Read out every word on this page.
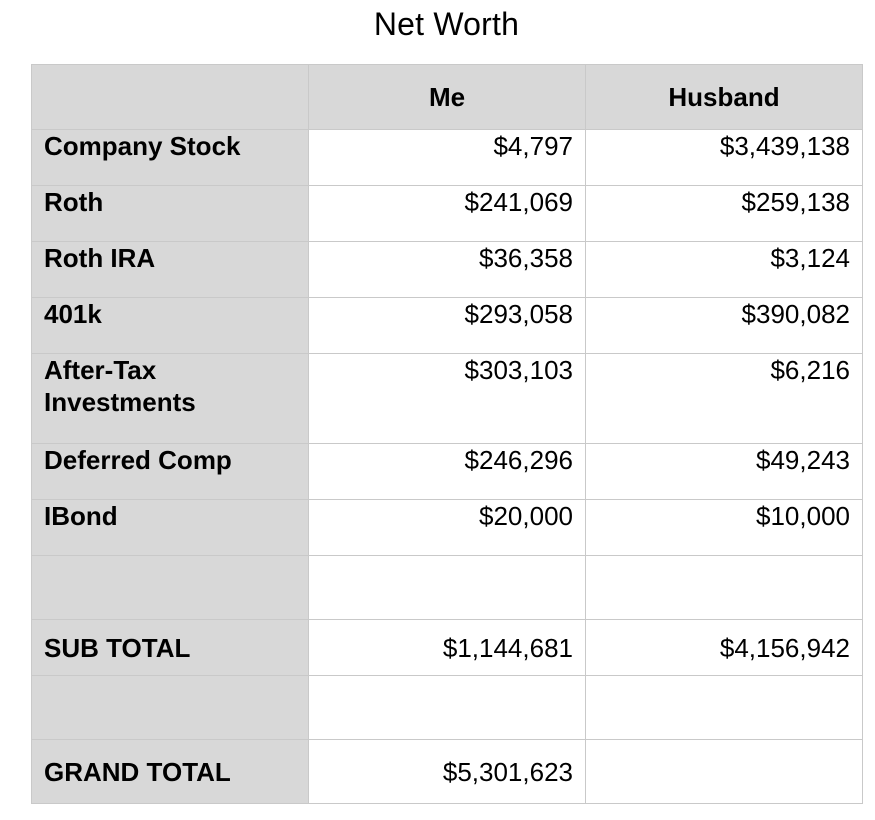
Net Worth
	Me	Husband
Company Stock	$4,797	$3,439,138
Roth	$241,069	$259,138
Roth IRA	$36,358	$3,124
401k	$293,058	$390,082
After-Tax Investments	$303,103	$6,216
Deferred Comp	$246,296	$49,243
IBond	$20,000	$10,000

SUB TOTAL	$1,144,681	$4,156,942

GRAND TOTAL	$5,301,623	
